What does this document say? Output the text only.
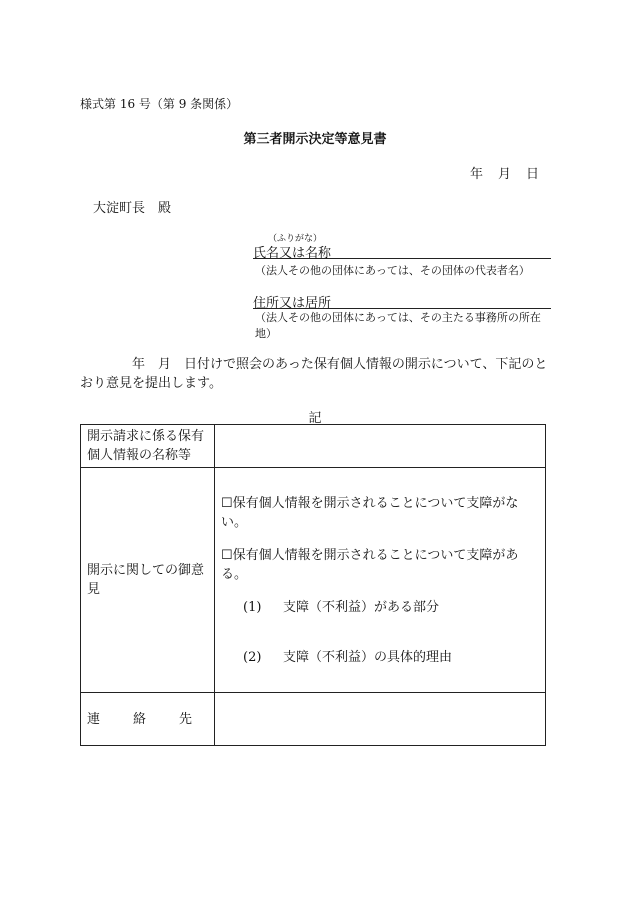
様式第 16 号（第 9 条関係）
第三者開示決定等意見書
年　月　日
大淀町長　殿
（ふりがな）
氏名又は名称
（法人その他の団体にあっては、その団体の代表者名）
住所又は居所
（法人その他の団体にあっては、その主たる事務所の所在地）
年　月　日付けで照会のあった保有個人情報の開示について、下記のとおり意見を提出します。
記
開示請求に係る保有個人情報の名称等	
開示に関しての御意見	☐保有個人情報を開示されることについて支障がない。
☐保有個人情報を開示されることについて支障がある。
(1) 支障（不利益）がある部分
(2) 支障（不利益）の具体的理由

連　絡　先	
